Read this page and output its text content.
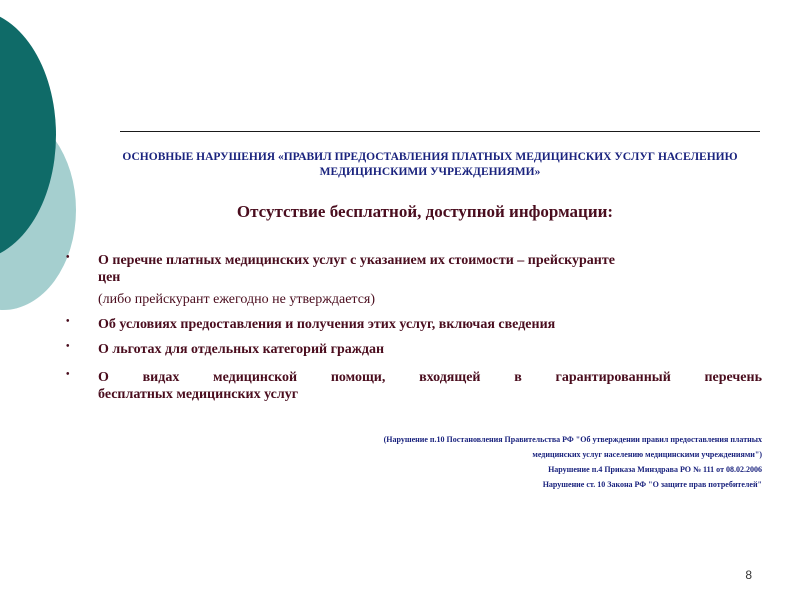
ОСНОВНЫЕ НАРУШЕНИЯ «ПРАВИЛ ПРЕДОСТАВЛЕНИЯ ПЛАТНЫХ МЕДИЦИНСКИХ УСЛУГ НАСЕЛЕНИЮ
МЕДИЦИНСКИМИ УЧРЕЖДЕНИЯМИ»
Отсутствие бесплатной, доступной информации:
• О перечне платных медицинских услуг с указанием их стоимости – прейскуранте
цен
(либо прейскурант ежегодно не утверждается)
• Об условиях предоставления и получения этих услуг, включая сведения
• О льготах для отдельных категорий граждан
• О видах медицинской помощи, входящей в гарантированный перечень
бесплатных медицинских услуг
(Нарушение п.10 Постановления Правительства РФ "Об утверждении правил предоставления платных
медицинских услуг населению медицинскими учреждениями")
Нарушение п.4 Приказа Минздрава РО № 111 от 08.02.2006
Нарушение ст. 10 Закона РФ "О защите прав потребителей"
8
